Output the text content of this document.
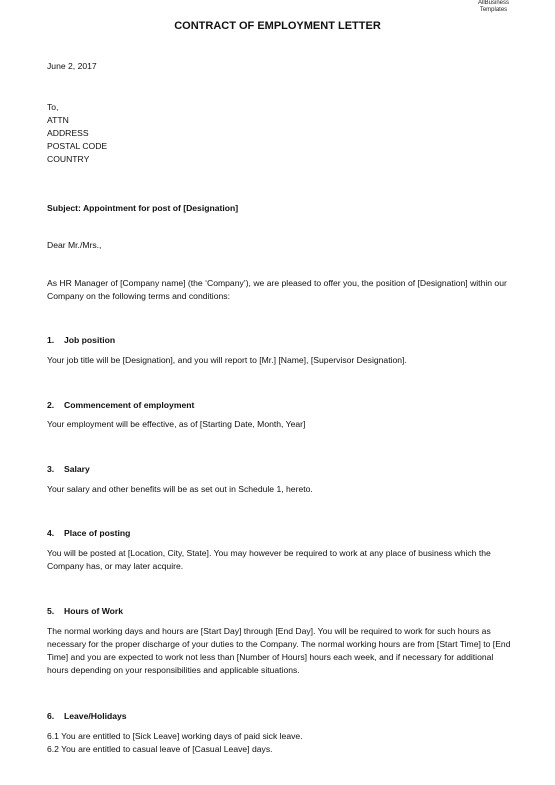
AllBusiness
Templates
CONTRACT OF EMPLOYMENT LETTER
June 2, 2017
To,
ATTN
ADDRESS
POSTAL CODE
COUNTRY
Subject: Appointment for post of [Designation]
Dear Mr./Mrs.,

As HR Manager of [Company name] (the ‘Company’), we are pleased to offer you, the position of [Designation] within our Company on the following terms and conditions:

1. Job position

Your job title will be [Designation], and you will report to [Mr.] [Name], [Supervisor Designation].

2. Commencement of employment

Your employment will be effective, as of [Starting Date, Month, Year]

3. Salary

Your salary and other benefits will be as set out in Schedule 1, hereto.

4. Place of posting

You will be posted at [Location, City, State]. You may however be required to work at any place of business which the Company has, or may later acquire.

5. Hours of Work

The normal working days and hours are [Start Day] through [End Day]. You will be required to work for such hours as necessary for the proper discharge of your duties to the Company. The normal working hours are from [Start Time] to [End Time] and you are expected to work not less than [Number of Hours] hours each week, and if necessary for additional hours depending on your responsibilities and applicable situations.

6. Leave/Holidays
6.1 You are entitled to [Sick Leave] working days of paid sick leave.
6.2 You are entitled to casual leave of [Casual Leave] days.
